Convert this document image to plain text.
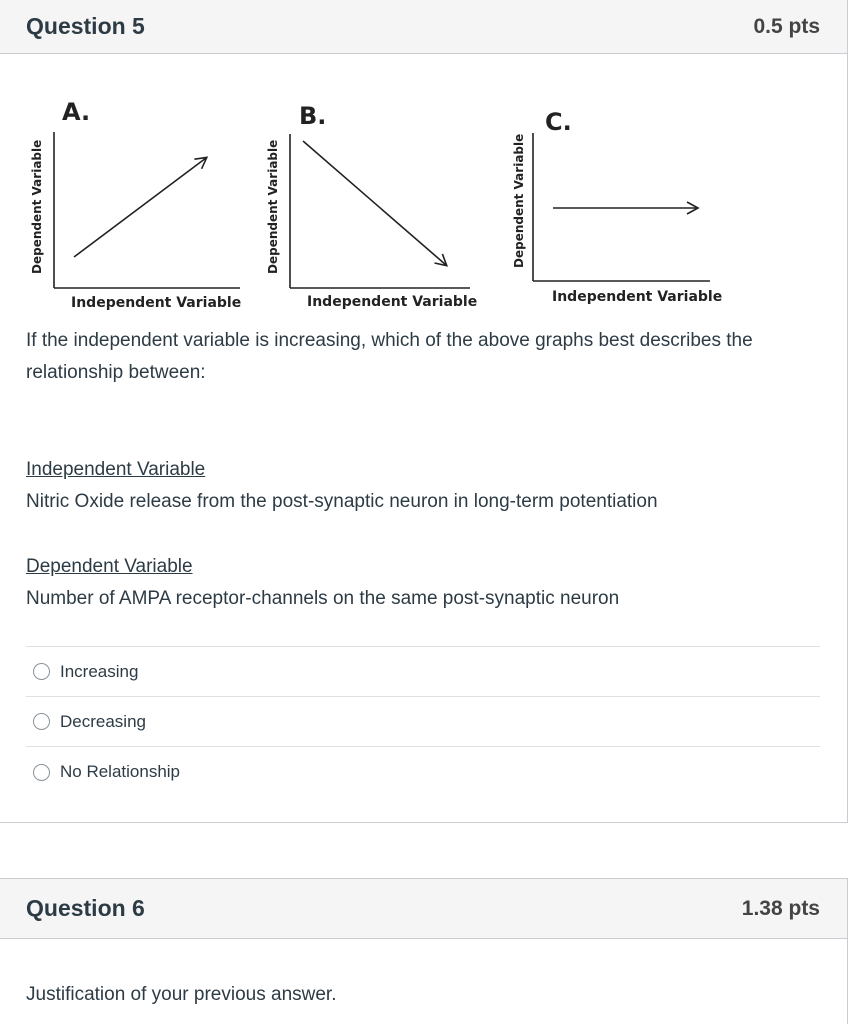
Question 5	0.5 pts
A.
Dependent Variable
Independent Variable
B.
Dependent Variable
Independent Variable
C.
Dependent Variable
Independent Variable
If the independent variable is increasing, which of the above graphs best describes the relationship between:
Independent Variable
Nitric Oxide release from the post-synaptic neuron in long-term potentiation
Dependent Variable
Number of AMPA receptor-channels on the same post-synaptic neuron
Increasing
Decreasing
No Relationship
Question 6	1.38 pts
Justification of your previous answer.
